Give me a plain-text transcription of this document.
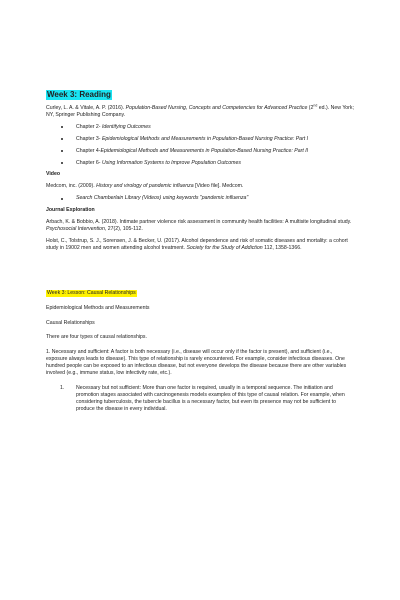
Week 3: Reading

Curley, L. A. & Vitale, A. P. (2016). Population-Based Nursing, Concepts and Competencies for Advanced Practice (2nd ed.). New York; NY, Springer Publishing Company.

Chapter 2- Identifying Outcomes
Chapter 3- Epidemiological Methods and Measurements in Population-Based Nursing Practice: Part I
Chapter 4-Epidemiological Methods and Measurements in Population-Based Nursing Practice: Part II
Chapter 6- Using Information Systems to Improve Population Outcomes
Video

Medcom, inc. (2009). History and virology of pandemic influenza [Video file]. Medcom.

Search Chamberlain Library (Videos) using keywords "pandemic influenza"
Journal Exploration

Arbach, K. & Bobbio, A. (2018). Intimate partner violence risk assessment in community health facilities: A multisite longitudinal study. Psychosocial Intervention, 27(2), 105-112.

Holst, C., Tolstrup, S. J., Sorensen, J. & Becker, U. (2017). Alcohol dependence and risk of somatic diseases and mortality: a cohort study in 19002 men and women attending alcohol treatment. Society for the Study of Addiction 112, 1358-1366.

Week 3: Lesson: Causal Relationships

Epidemiological Methods and Measurements

Causal Relationships

There are four types of causal relationships.

1. Necessary and sufficient: A factor is both necessary (i.e., disease will occur only if the factor is present), and sufficient (i.e., exposure always leads to disease). This type of relationship is rarely encountered. For example, consider infectious diseases. One hundred people can be exposed to an infectious disease, but not everyone develops the disease because there are other variables involved (e.g., immune status, low infectivity rate, etc.).

1. Necessary but not sufficient: More than one factor is required, usually in a temporal sequence. The initiation and promotion stages associated with carcinogenesis models examples of this type of causal relation. For example, when considering tuberculosis, the tubercle bacillus is a necessary factor, but even its presence may not be sufficient to produce the disease in every individual.
